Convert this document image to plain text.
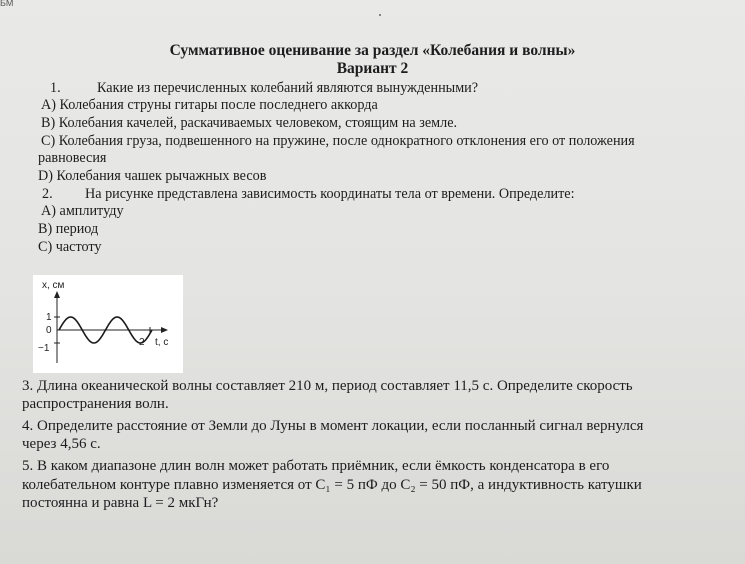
БМ
Суммативное оценивание за раздел «Колебания и волны»
Вариант 2
1.	Какие из перечисленных колебаний являются вынужденными?
А) Колебания струны гитары после последнего аккорда
В) Колебания качелей, раскачиваемых человеком, стоящим на земле.
С) Колебания груза, подвешенного на пружине, после однократного отклонения его от положения
равновесия
D) Колебания чашек рычажных весов
2. На рисунке представлена зависимость координаты тела от времени. Определите:
А) амплитуду
В) период
С) частоту
x, см
1
0
−1
2 t, c
3. Длина океанической волны составляет 210 м, период составляет 11,5 с. Определите скорость
распространения волн.
4. Определите расстояние от Земли до Луны в момент локации, если посланный сигнал вернулся
через 4,56 с.
5. В каком диапазоне длин волн может работать приёмник, если ёмкость конденсатора в его
колебательном контуре плавно изменяется от C₁ = 5 пФ до C₂ = 50 пФ, а индуктивность катушки
постоянна и равна L = 2 мкГн?
